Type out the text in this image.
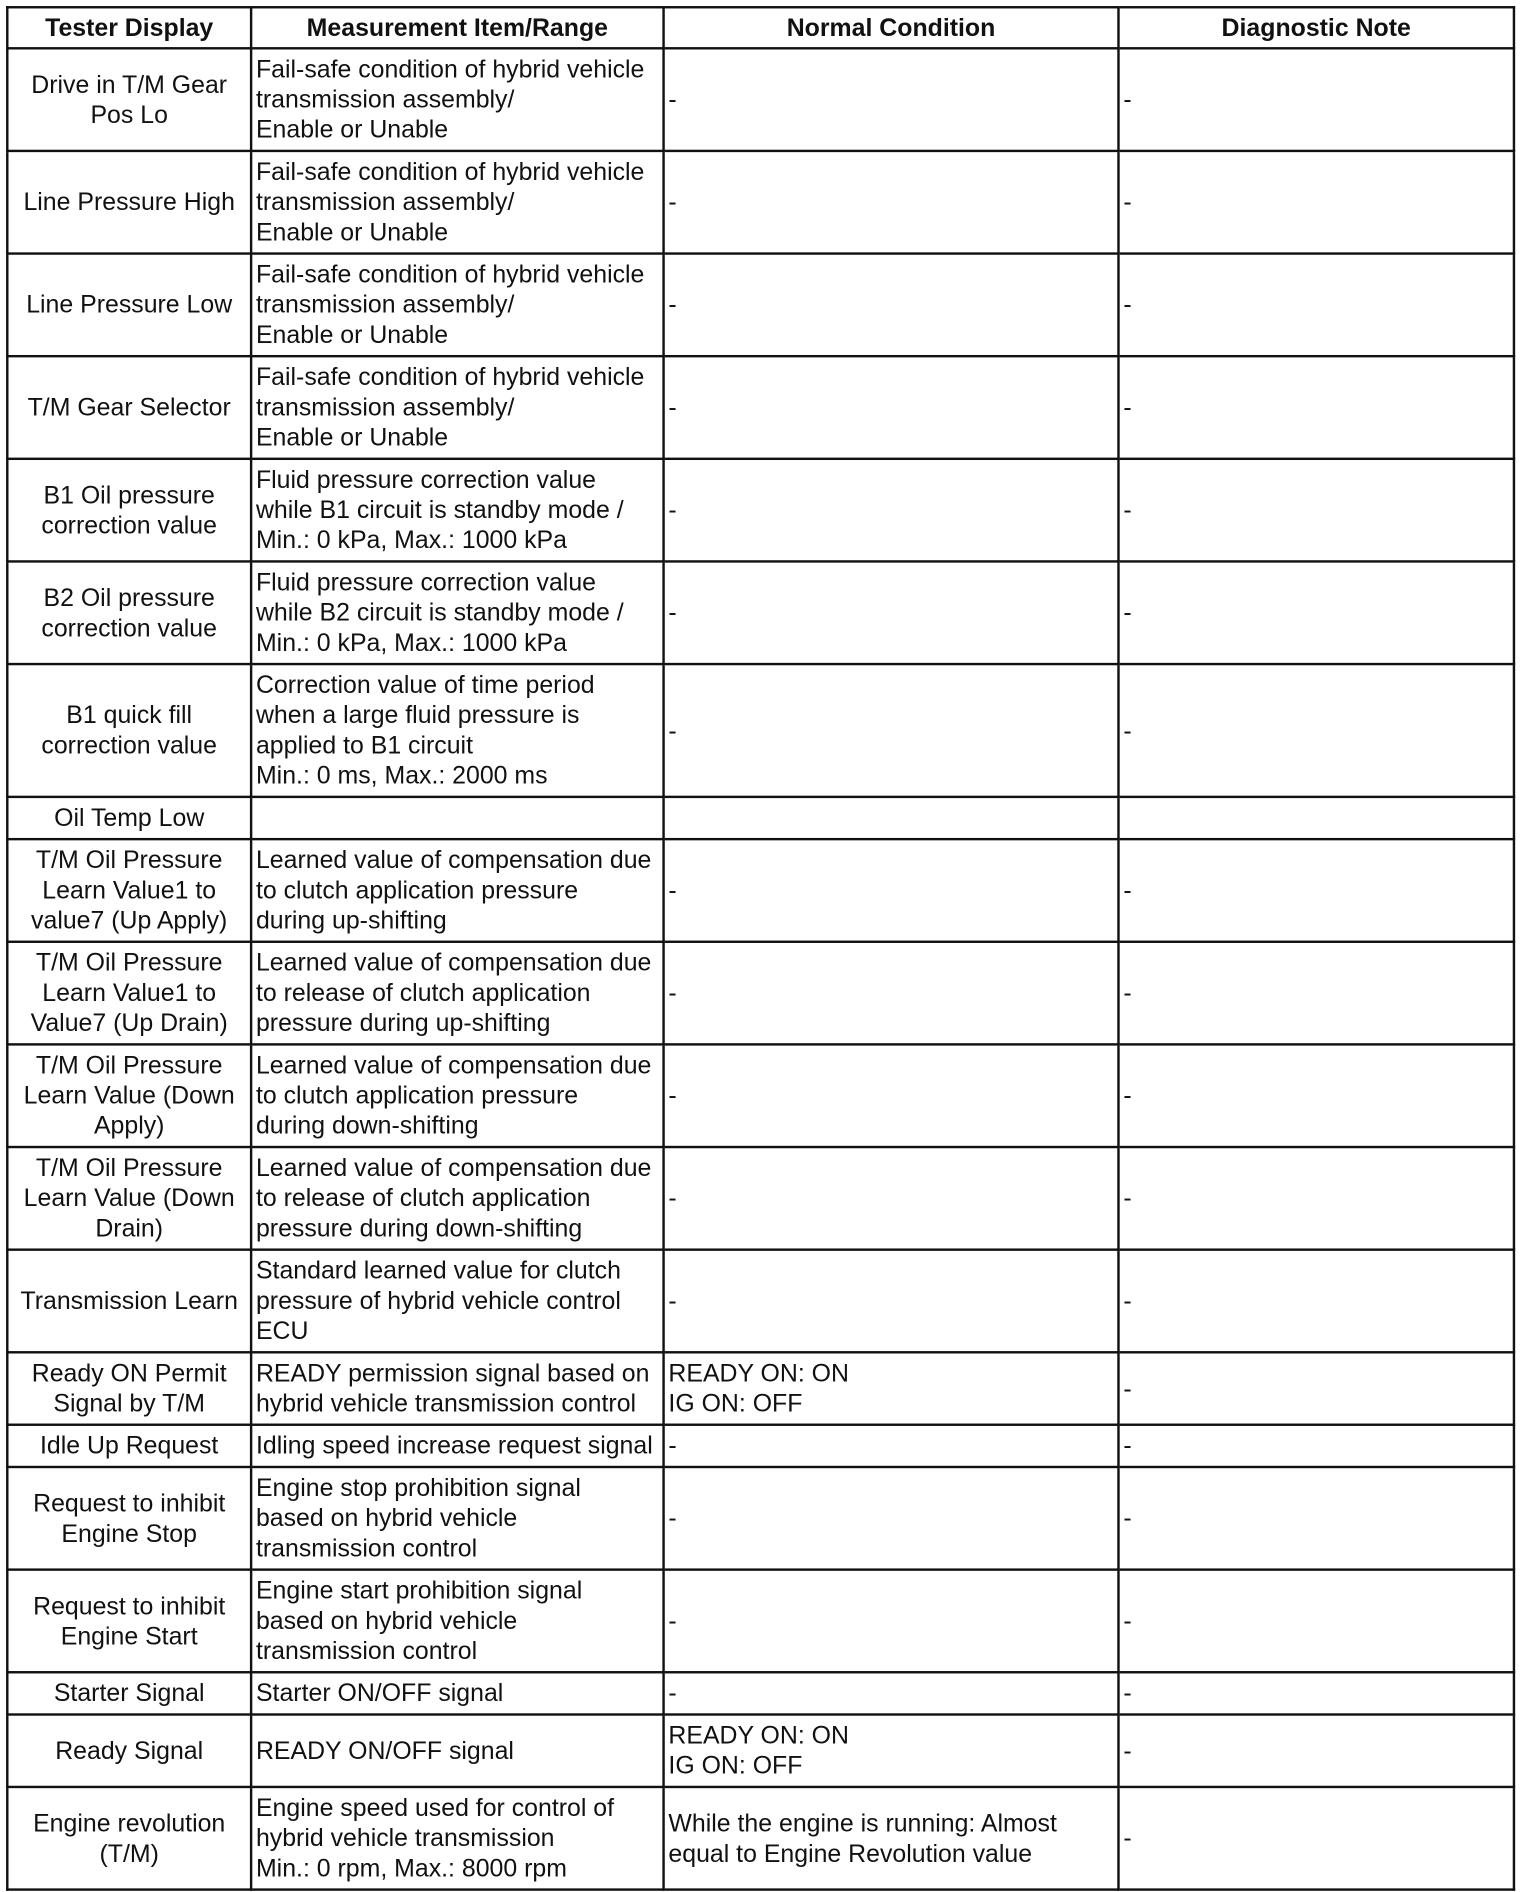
Tester Display	Measurement Item/Range	Normal Condition	Diagnostic Note

Drive in T/M Gear
Pos Lo	Fail-safe condition of hybrid vehicle
transmission assembly/
Enable or Unable	-	-

Line Pressure High	Fail-safe condition of hybrid vehicle
transmission assembly/
Enable or Unable	-	-

Line Pressure Low	Fail-safe condition of hybrid vehicle
transmission assembly/
Enable or Unable	-	-

T/M Gear Selector	Fail-safe condition of hybrid vehicle
transmission assembly/
Enable or Unable	-	-

B1 Oil pressure
correction value	Fluid pressure correction value
while B1 circuit is standby mode /
Min.: 0 kPa, Max.: 1000 kPa	-	-

B2 Oil pressure
correction value	Fluid pressure correction value
while B2 circuit is standby mode /
Min.: 0 kPa, Max.: 1000 kPa	-	-

B1 quick fill
correction value	Correction value of time period
when a large fluid pressure is
applied to B1 circuit
Min.: 0 ms, Max.: 2000 ms	-	-

Oil Temp Low			

T/M Oil Pressure
Learn Value1 to
value7 (Up Apply)	Learned value of compensation due
to clutch application pressure
during up-shifting	-	-

T/M Oil Pressure
Learn Value1 to
Value7 (Up Drain)	Learned value of compensation due
to release of clutch application
pressure during up-shifting	-	-

T/M Oil Pressure
Learn Value (Down
Apply)	Learned value of compensation due
to clutch application pressure
during down-shifting	-	-

T/M Oil Pressure
Learn Value (Down
Drain)	Learned value of compensation due
to release of clutch application
pressure during down-shifting	-	-

Transmission Learn	Standard learned value for clutch
pressure of hybrid vehicle control
ECU	-	-

Ready ON Permit
Signal by T/M	READY permission signal based on
hybrid vehicle transmission control	READY ON: ON
IG ON: OFF	-

Idle Up Request	Idling speed increase request signal	-	-

Request to inhibit
Engine Stop	Engine stop prohibition signal
based on hybrid vehicle
transmission control	-	-

Request to inhibit
Engine Start	Engine start prohibition signal
based on hybrid vehicle
transmission control	-	-

Starter Signal	Starter ON/OFF signal	-	-

Ready Signal	READY ON/OFF signal	READY ON: ON
IG ON: OFF	-

Engine revolution
(T/M)	Engine speed used for control of
hybrid vehicle transmission
Min.: 0 rpm, Max.: 8000 rpm	While the engine is running: Almost
equal to Engine Revolution value	-
